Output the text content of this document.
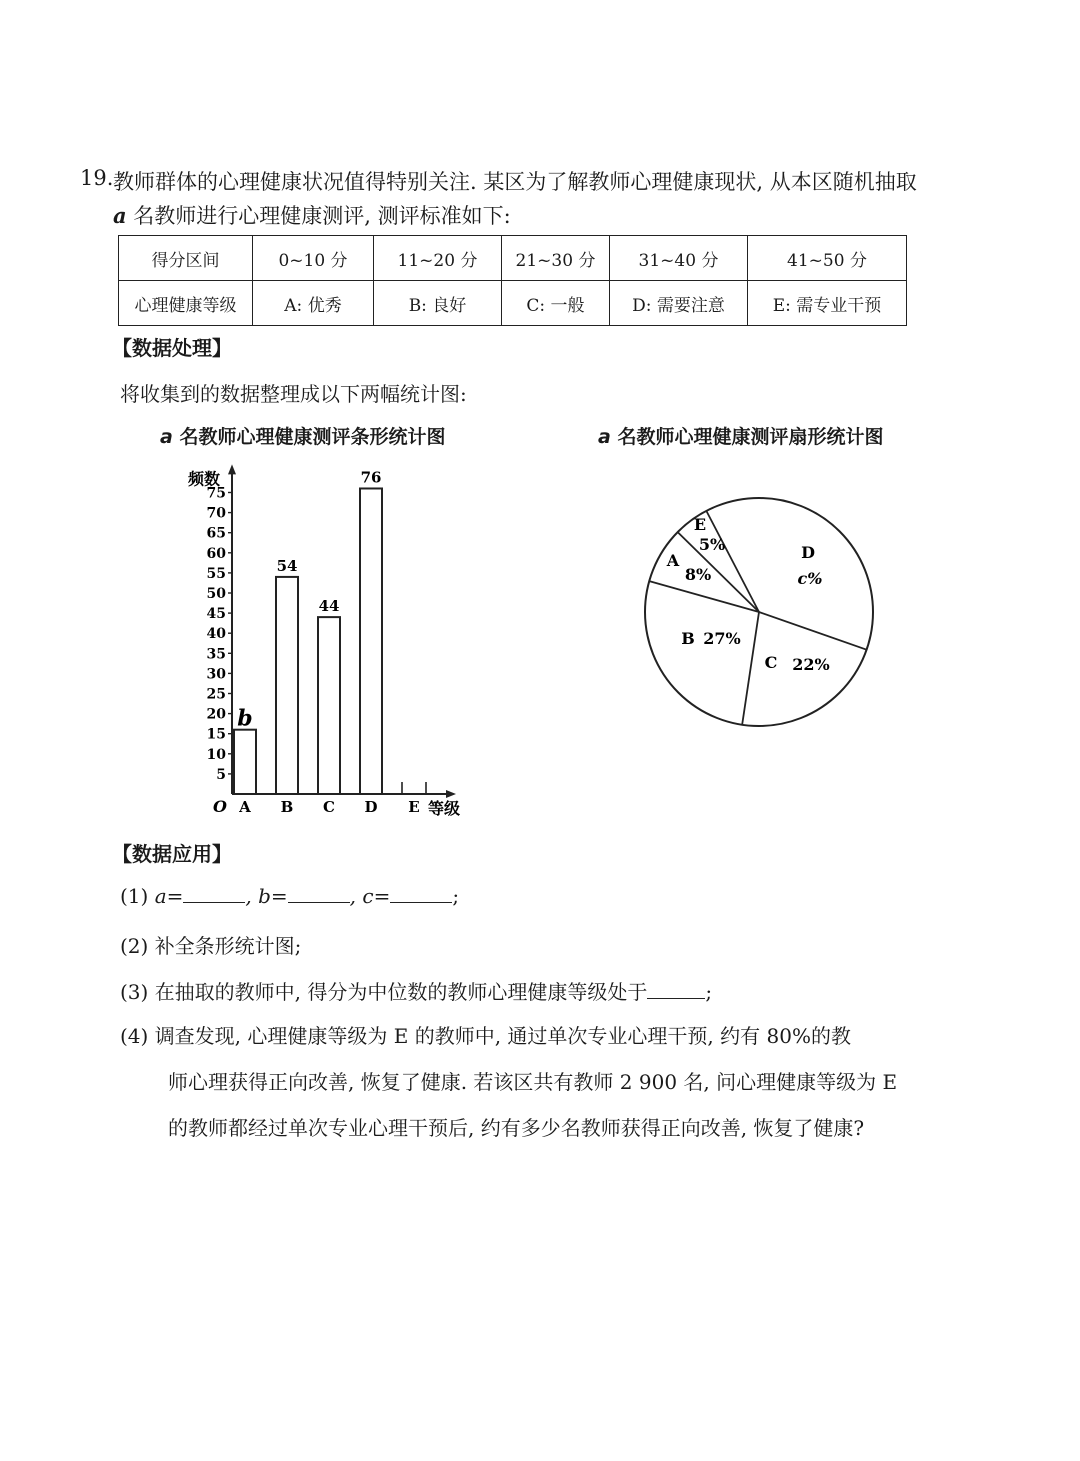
19. 教师群体的心理健康状况值得特别关注. 某区为了解教师心理健康现状, 从本区随机抽取
a 名教师进行心理健康测评, 测评标准如下:
得分区间	0~10 分	11~20 分	21~30 分	31~40 分	41~50 分
心理健康等级	A: 优秀	B: 良好	C: 一般	D: 需要注意	E: 需专业干预
【数据处理】
将收集到的数据整理成以下两幅统计图:
a 名教师心理健康测评条形统计图	a 名教师心理健康测评扇形统计图
频数
O	等级
5
10
15
20
25
30
35
40
45
50
55
60
65
70
75
A
b
B
54
C
44
D
76
E
E
5%
A
8%
B 27%
C 22%
D
c%
【数据应用】
(1) a=	, b=	, c=	;
(2) 补全条形统计图;
(3) 在抽取的教师中, 得分为中位数的教师心理健康等级处于	;
(4) 调查发现, 心理健康等级为 E 的教师中, 通过单次专业心理干预, 约有 80%的教
师心理获得正向改善, 恢复了健康. 若该区共有教师 2 900 名, 问心理健康等级为 E
的教师都经过单次专业心理干预后, 约有多少名教师获得正向改善, 恢复了健康?
